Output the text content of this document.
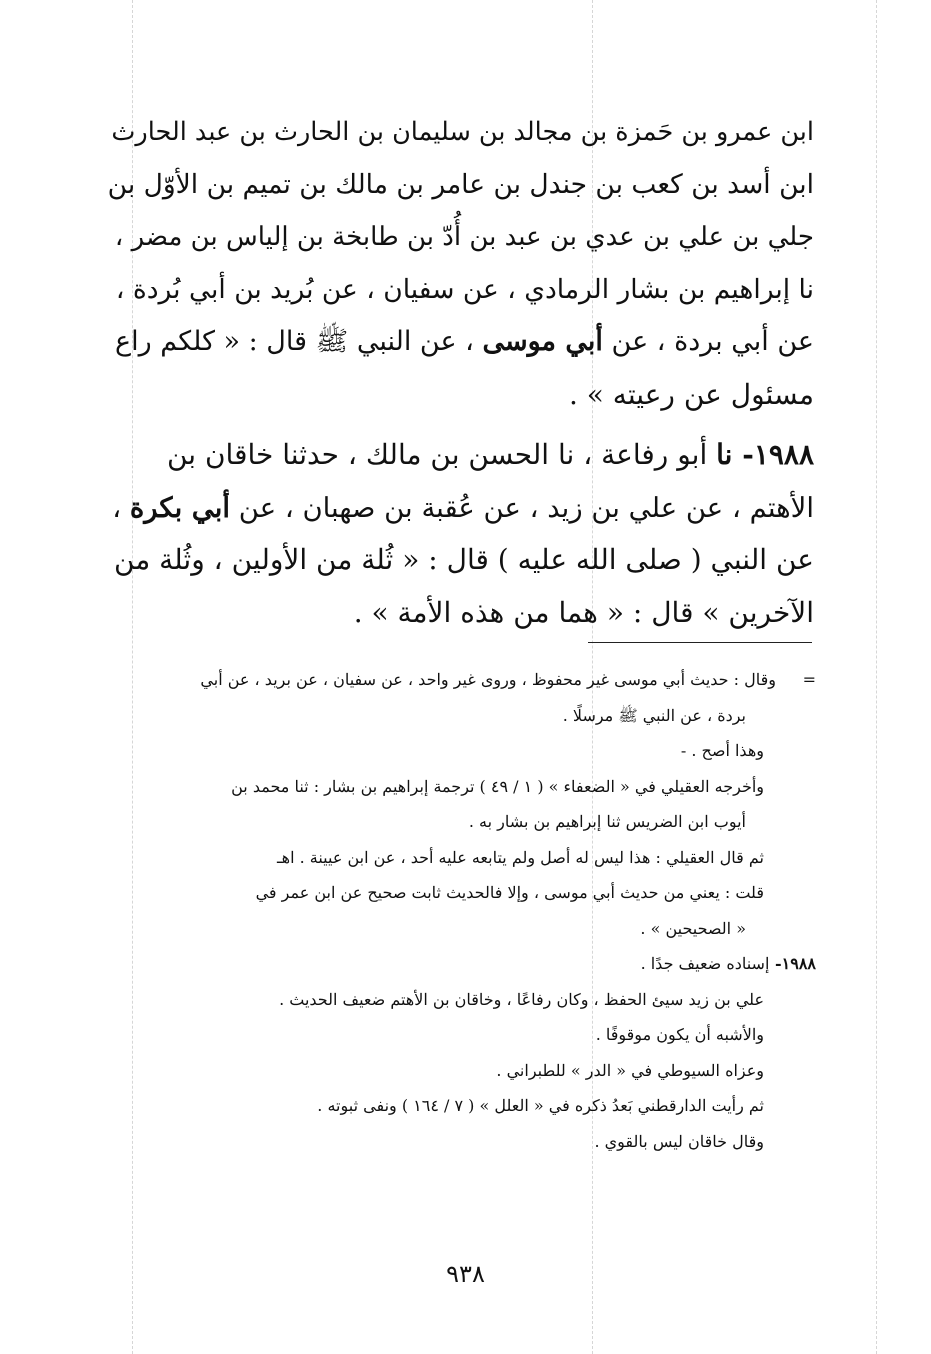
ابن عمرو بن حَمزة بن مجالد بن سليمان بن الحارث بن عبد الحارث
ابن أسد بن كعب بن جندل بن عامر بن مالك بن تميم بن الأوّل بن
جلي بن علي بن عدي بن عبد بن أُدّ بن طابخة بن إلياس بن مضر ،
نا إبراهيم بن بشار الرمادي ، عن سفيان ، عن بُريد بن أبي بُردة ،
عن أبي بردة ، عن أبي موسى ، عن النبي ﷺ قال : « كلكم راع
مسئول عن رعيته » .
١٩٨٨- نا أبو رفاعة ، نا الحسن بن مالك ، حدثنا خاقان بن
الأهتم ، عن علي بن زيد ، عن عُقبة بن صهبان ، عن أبي بكرة ،
عن النبي ( صلى الله عليه ) قال : « ثُلة من الأولين ، وثُلة من
الآخرين » قال : « هما من هذه الأمة » .
=وقال : حديث أبي موسى غير محفوظ ، وروى غير واحد ، عن سفيان ، عن بريد ، عن أبي
بردة ، عن النبي ﷺ مرسلًا .
وهذا أصح . -
وأخرجه العقيلي في « الضعفاء » ( ١ / ٤٩ ) ترجمة إبراهيم بن بشار : ثنا محمد بن
أيوب ابن الضريس ثنا إبراهيم بن بشار به .
ثم قال العقيلي : هذا ليس له أصل ولم يتابعه عليه أحد ، عن ابن عيينة . اهـ
قلت : يعني من حديث أبي موسى ، وإلا فالحديث ثابت صحيح عن ابن عمر في
« الصحيحين » .
١٩٨٨- إسناده ضعيف جدًا .
علي بن زيد سيئ الحفظ ، وكان رفاعًا ، وخاقان بن الأهتم ضعيف الحديث .
والأشبه أن يكون موقوفًا .
وعزاه السيوطي في « الدر » للطبراني .
ثم رأيت الدارقطني بَعدُ ذكره في « العلل » ( ٧ / ١٦٤ ) ونفى ثبوته .
وقال خاقان ليس بالقوي .
٩٣٨
